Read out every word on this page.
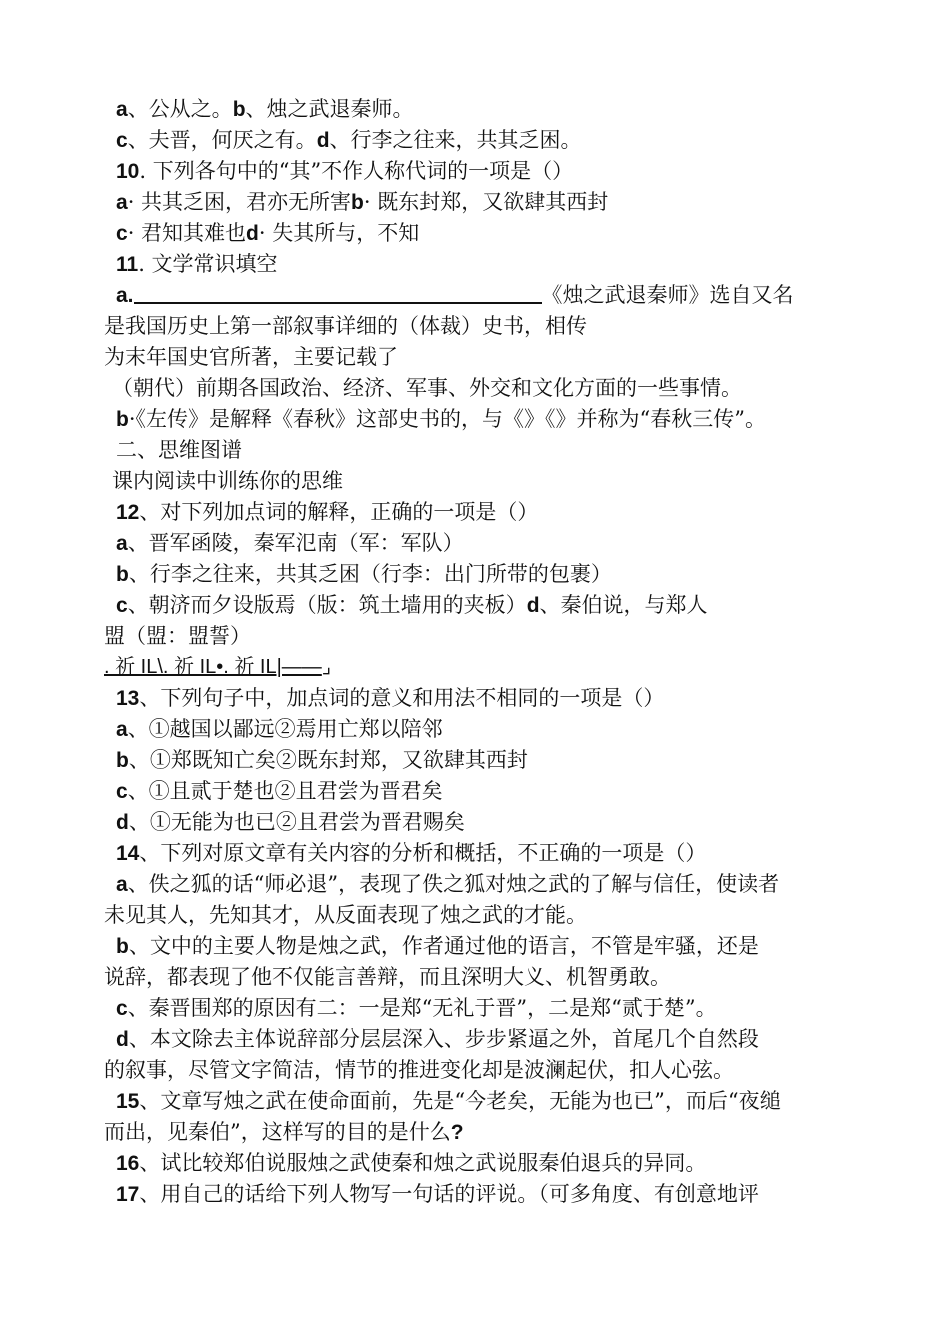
a、公从之。b、烛之武退秦师。
c、夫晋，何厌之有。d、行李之往来，共其乏困。
10. 下列各句中的“其”不作人称代词的一项是（）
a· 共其乏困，君亦无所害b· 既东封郑，又欲肆其西封
c· 君知其难也d· 失其所与，不知
11. 文学常识填空
a.	《烛之武退秦师》选自又名
是我国历史上第一部叙事详细的（体裁）史书，相传
为末年国史官所著，主要记载了
（朝代）前期各国政治、经济、军事、外交和文化方面的一些事情。
b·《左传》是解释《春秋》这部史书的，与《》《》并称为“春秋三传”。
二、思维图谱
课内阅读中训练你的思维
12、对下列加点词的解释，正确的一项是（）
a、晋军函陵，秦军氾南（军：军队）
b、行李之往来，共其乏困（行李：出门所带的包裹）
c、朝济而夕设版焉（版：筑土墙用的夹板）d、秦伯说，与郑人
盟（盟：盟誓）
. 祈 IL\. 祈 IL•. 祈 IL|——⌟
13、下列句子中，加点词的意义和用法不相同的一项是（）
a、①越国以鄙远②焉用亡郑以陪邻
b、①郑既知亡矣②既东封郑，又欲肆其西封
c、①且贰于楚也②且君尝为晋君矣
d、①无能为也已②且君尝为晋君赐矣
14、下列对原文章有关内容的分析和概括，不正确的一项是（）
a、佚之狐的话“师必退”，表现了佚之狐对烛之武的了解与信任，使读者
未见其人，先知其才，从反面表现了烛之武的才能。
b、文中的主要人物是烛之武，作者通过他的语言，不管是牢骚，还是
说辞，都表现了他不仅能言善辩，而且深明大义、机智勇敢。
c、秦晋围郑的原因有二：一是郑“无礼于晋”，二是郑“贰于楚”。
d、本文除去主体说辞部分层层深入、步步紧逼之外，首尾几个自然段
的叙事，尽管文字简洁，情节的推进变化却是波澜起伏，扣人心弦。
15、文章写烛之武在使命面前，先是“今老矣，无能为也已”，而后“夜缒
而出，见秦伯”，这样写的目的是什么?
16、试比较郑伯说服烛之武使秦和烛之武说服秦伯退兵的异同。
17、用自己的话给下列人物写一句话的评说。（可多角度、有创意地评
